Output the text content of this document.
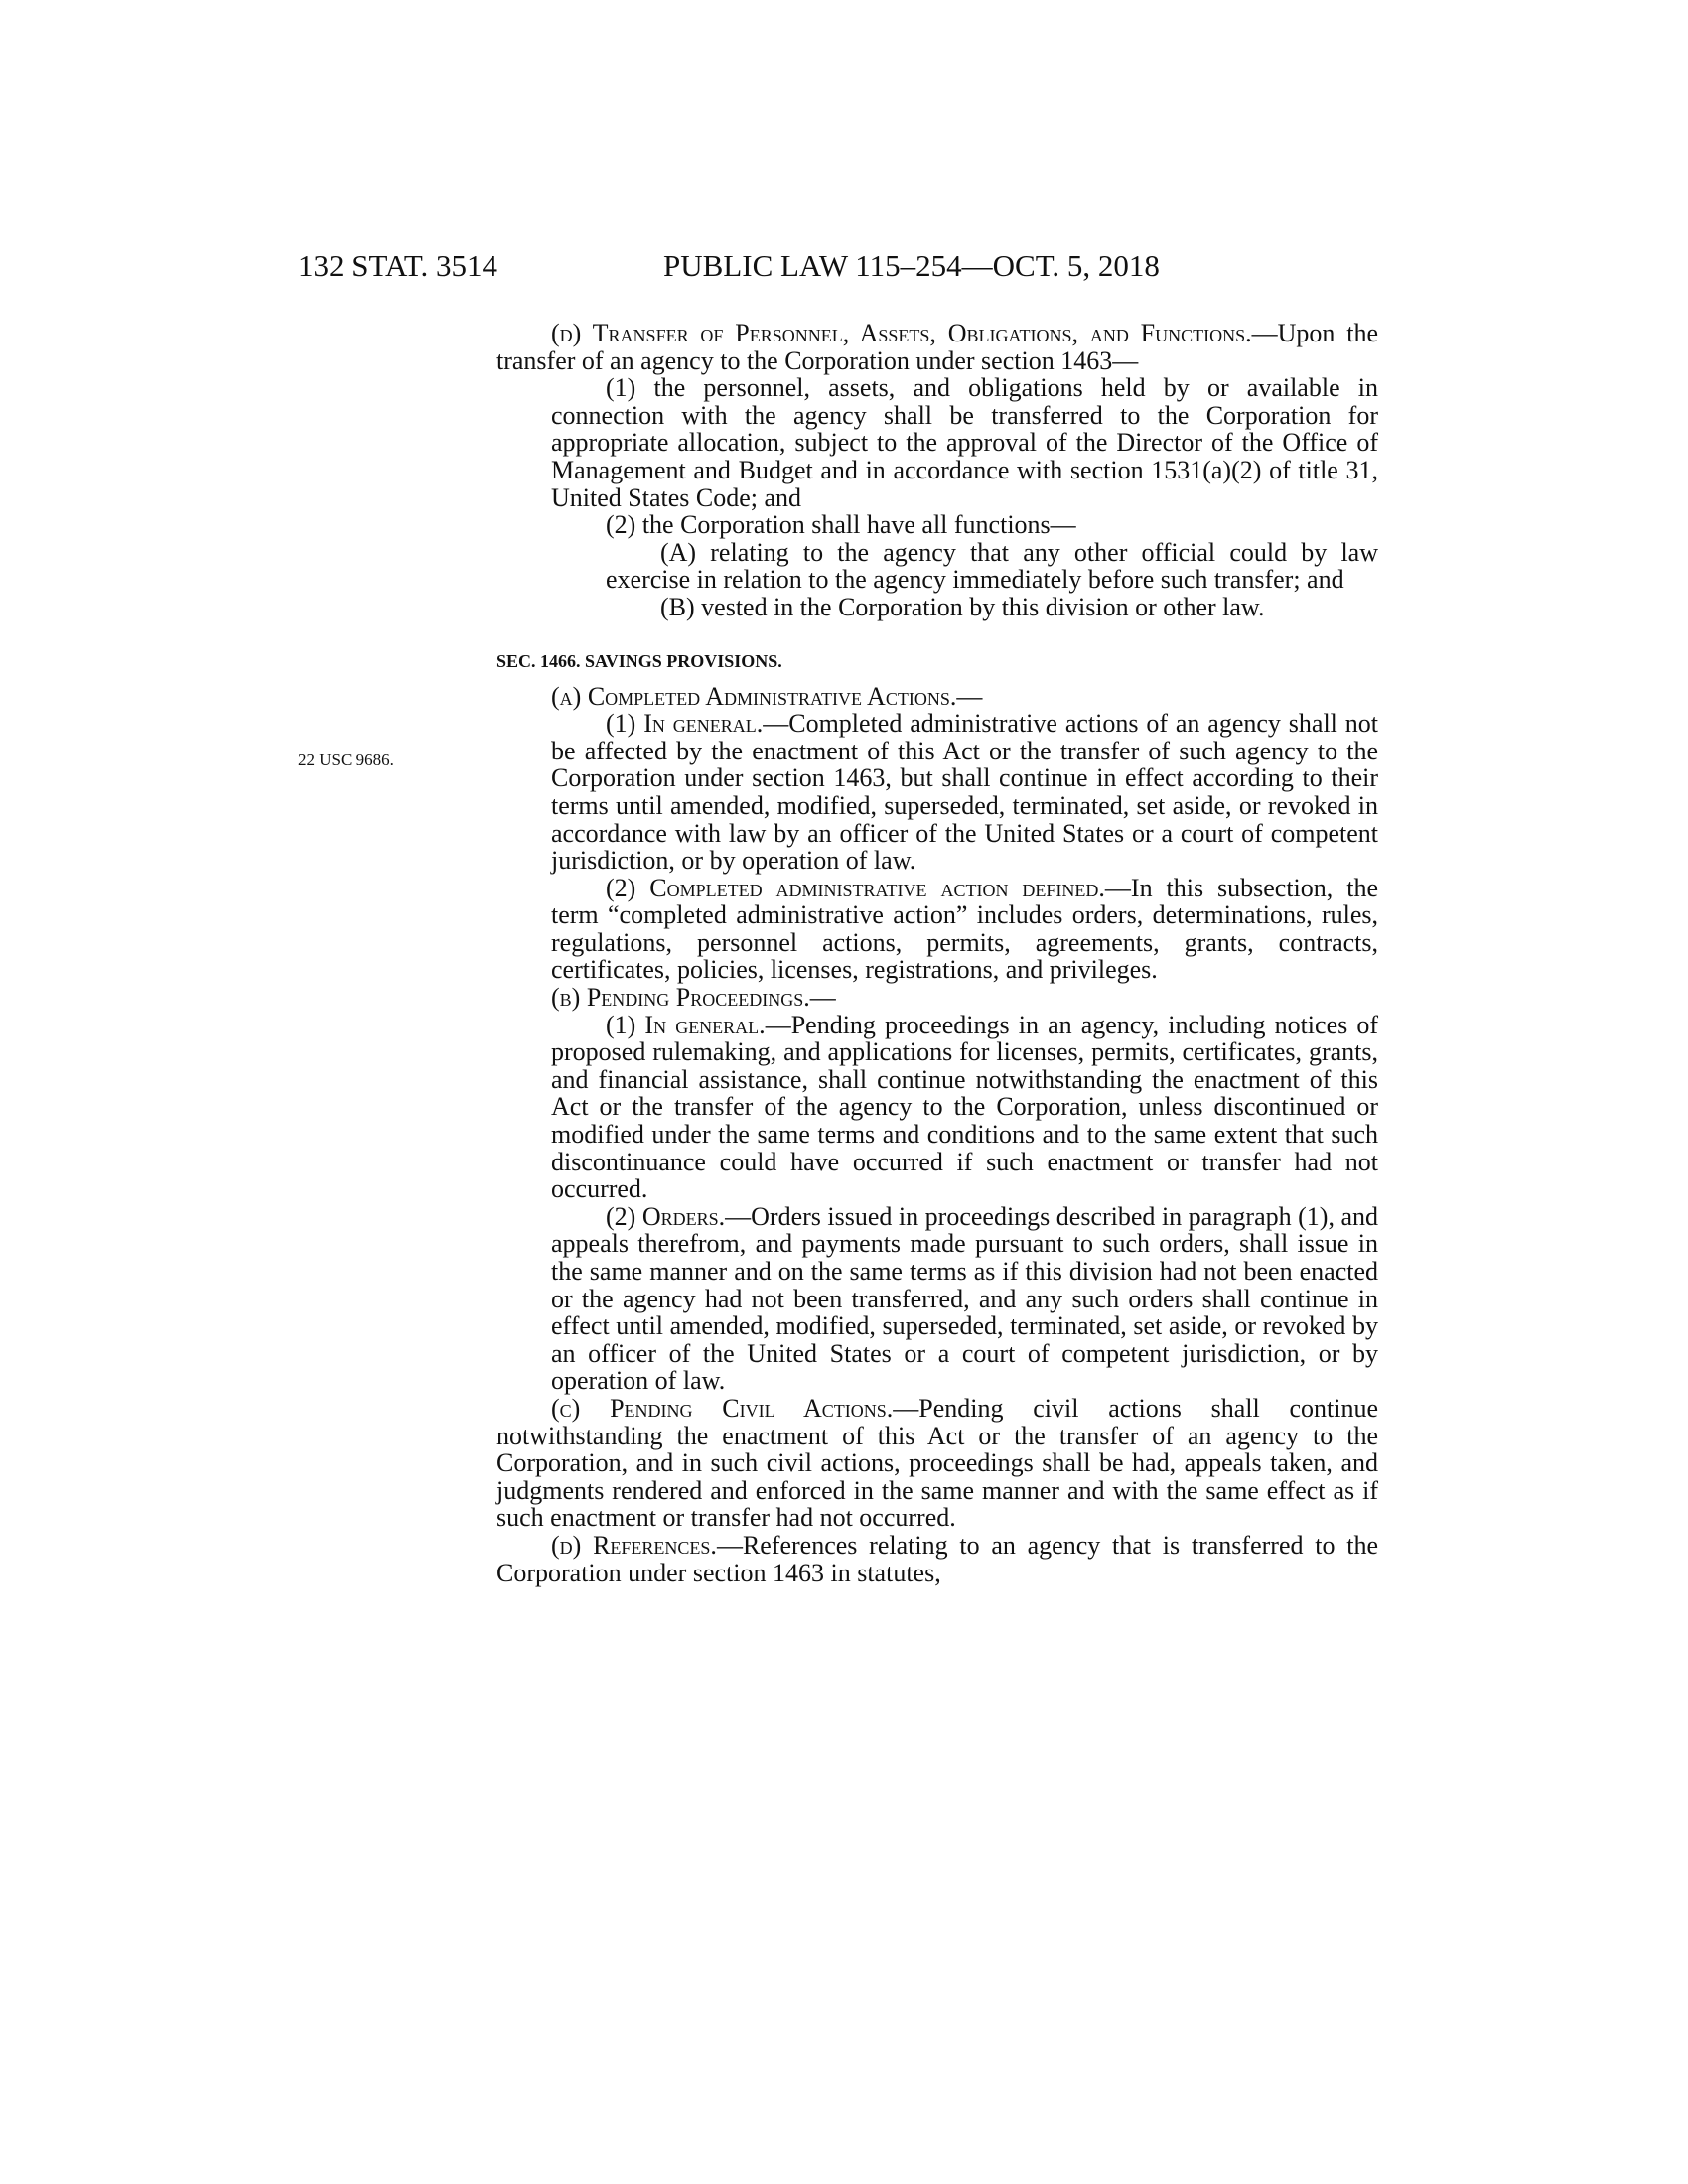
132 STAT. 3514	PUBLIC LAW 115–254—OCT. 5, 2018
22 USC 9686.

(d) Transfer of Personnel, Assets, Obligations, and Functions.—Upon the transfer of an agency to the Corporation under section 1463—

(1) the personnel, assets, and obligations held by or available in connection with the agency shall be transferred to the Corporation for appropriate allocation, subject to the approval of the Director of the Office of Management and Budget and in accordance with section 1531(a)(2) of title 31, United States Code; and

(2) the Corporation shall have all functions—

(A) relating to the agency that any other official could by law exercise in relation to the agency immediately before such transfer; and

(B) vested in the Corporation by this division or other law.

SEC. 1466. SAVINGS PROVISIONS.

(a) Completed Administrative Actions.—

(1) In general.—Completed administrative actions of an agency shall not be affected by the enactment of this Act or the transfer of such agency to the Corporation under section 1463, but shall continue in effect according to their terms until amended, modified, superseded, terminated, set aside, or revoked in accordance with law by an officer of the United States or a court of competent jurisdiction, or by operation of law.

(2) Completed administrative action defined.—In this subsection, the term “completed administrative action” includes orders, determinations, rules, regulations, personnel actions, permits, agreements, grants, contracts, certificates, policies, licenses, registrations, and privileges.

(b) Pending Proceedings.—

(1) In general.—Pending proceedings in an agency, including notices of proposed rulemaking, and applications for licenses, permits, certificates, grants, and financial assistance, shall continue notwithstanding the enactment of this Act or the transfer of the agency to the Corporation, unless discontinued or modified under the same terms and conditions and to the same extent that such discontinuance could have occurred if such enactment or transfer had not occurred.

(2) Orders.—Orders issued in proceedings described in paragraph (1), and appeals therefrom, and payments made pursuant to such orders, shall issue in the same manner and on the same terms as if this division had not been enacted or the agency had not been transferred, and any such orders shall continue in effect until amended, modified, superseded, terminated, set aside, or revoked by an officer of the United States or a court of competent jurisdiction, or by operation of law.

(c) Pending Civil Actions.—Pending civil actions shall continue notwithstanding the enactment of this Act or the transfer of an agency to the Corporation, and in such civil actions, proceedings shall be had, appeals taken, and judgments rendered and enforced in the same manner and with the same effect as if such enactment or transfer had not occurred.

(d) References.—References relating to an agency that is transferred to the Corporation under section 1463 in statutes,
